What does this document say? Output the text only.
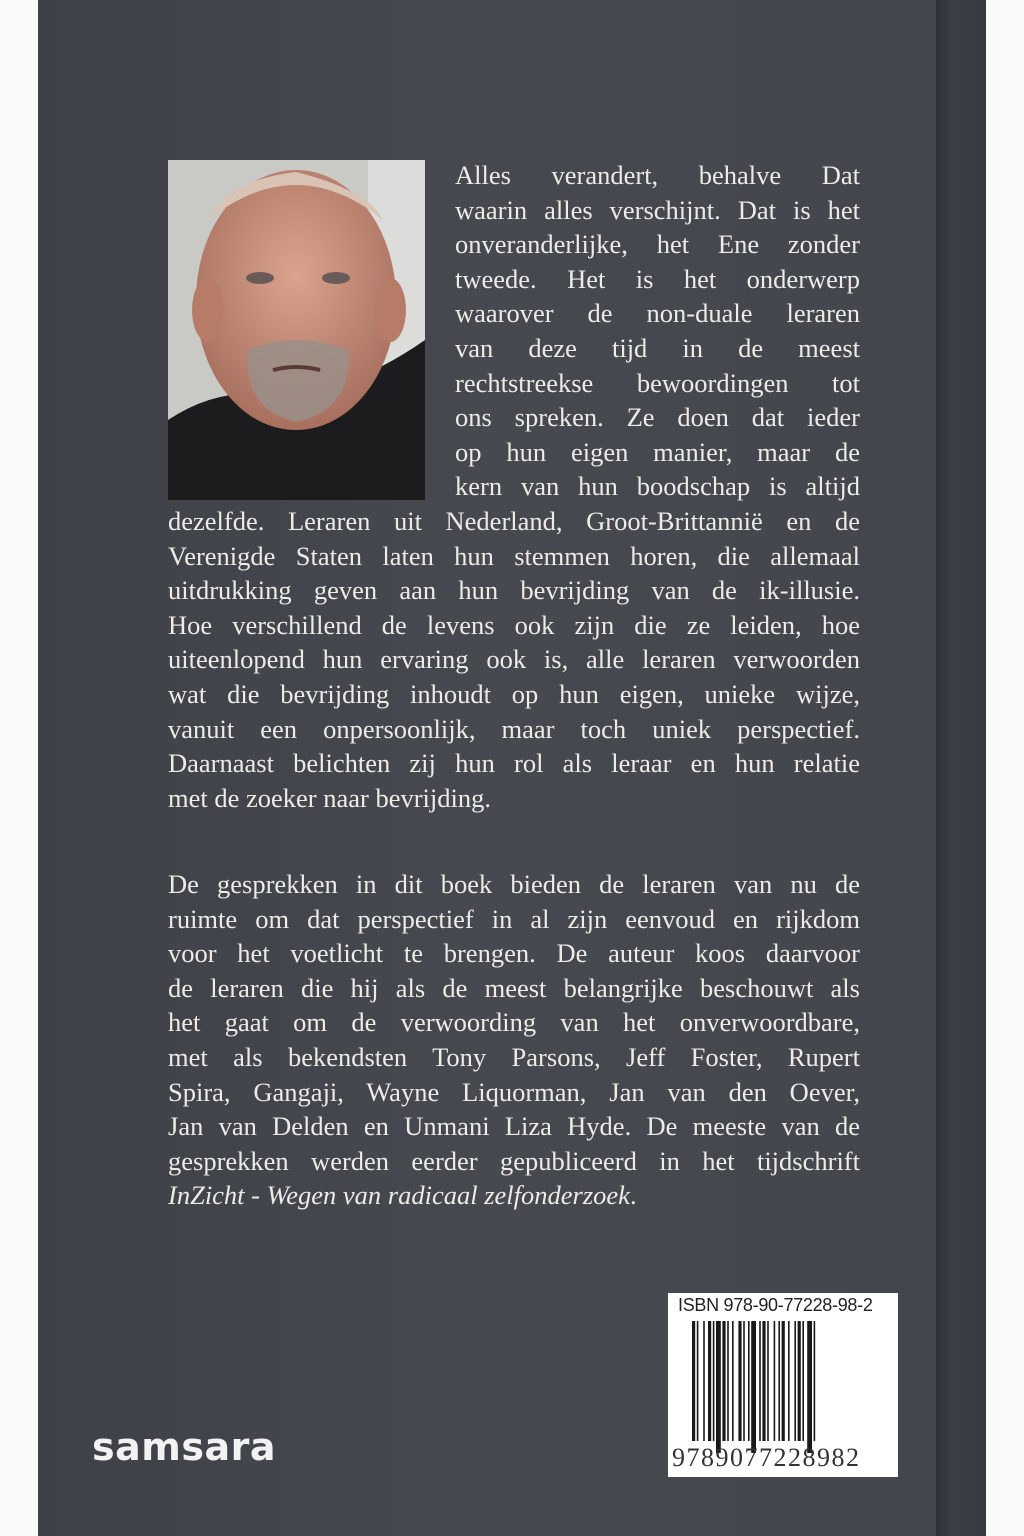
Alles verandert, behalve Dat
waarin alles verschijnt. Dat is het
onveranderlijke, het Ene zonder
tweede. Het is het onderwerp
waarover de non-duale leraren
van deze tijd in de meest
rechtstreekse bewoordingen tot
ons spreken. Ze doen dat ieder
op hun eigen manier, maar de
kern van hun boodschap is altijd
dezelfde. Leraren uit Nederland, Groot-Brittannië en de
Verenigde Staten laten hun stemmen horen, die allemaal
uitdrukking geven aan hun bevrijding van de ik-illusie.
Hoe verschillend de levens ook zijn die ze leiden, hoe
uiteenlopend hun ervaring ook is, alle leraren verwoorden
wat die bevrijding inhoudt op hun eigen, unieke wijze,
vanuit een onpersoonlijk, maar toch uniek perspectief.
Daarnaast belichten zij hun rol als leraar en hun relatie
met de zoeker naar bevrijding.
De gesprekken in dit boek bieden de leraren van nu de
ruimte om dat perspectief in al zijn eenvoud en rijkdom
voor het voetlicht te brengen. De auteur koos daarvoor
de leraren die hij als de meest belangrijke beschouwt als
het gaat om de verwoording van het onverwoordbare,
met als bekendsten Tony Parsons, Jeff Foster, Rupert
Spira, Gangaji, Wayne Liquorman, Jan van den Oever,
Jan van Delden en Unmani Liza Hyde. De meeste van de
gesprekken werden eerder gepubliceerd in het tijdschrift
InZicht - Wegen van radicaal zelfonderzoek.
ISBN 978-90-77228-98-2
9789077228982
samsara
